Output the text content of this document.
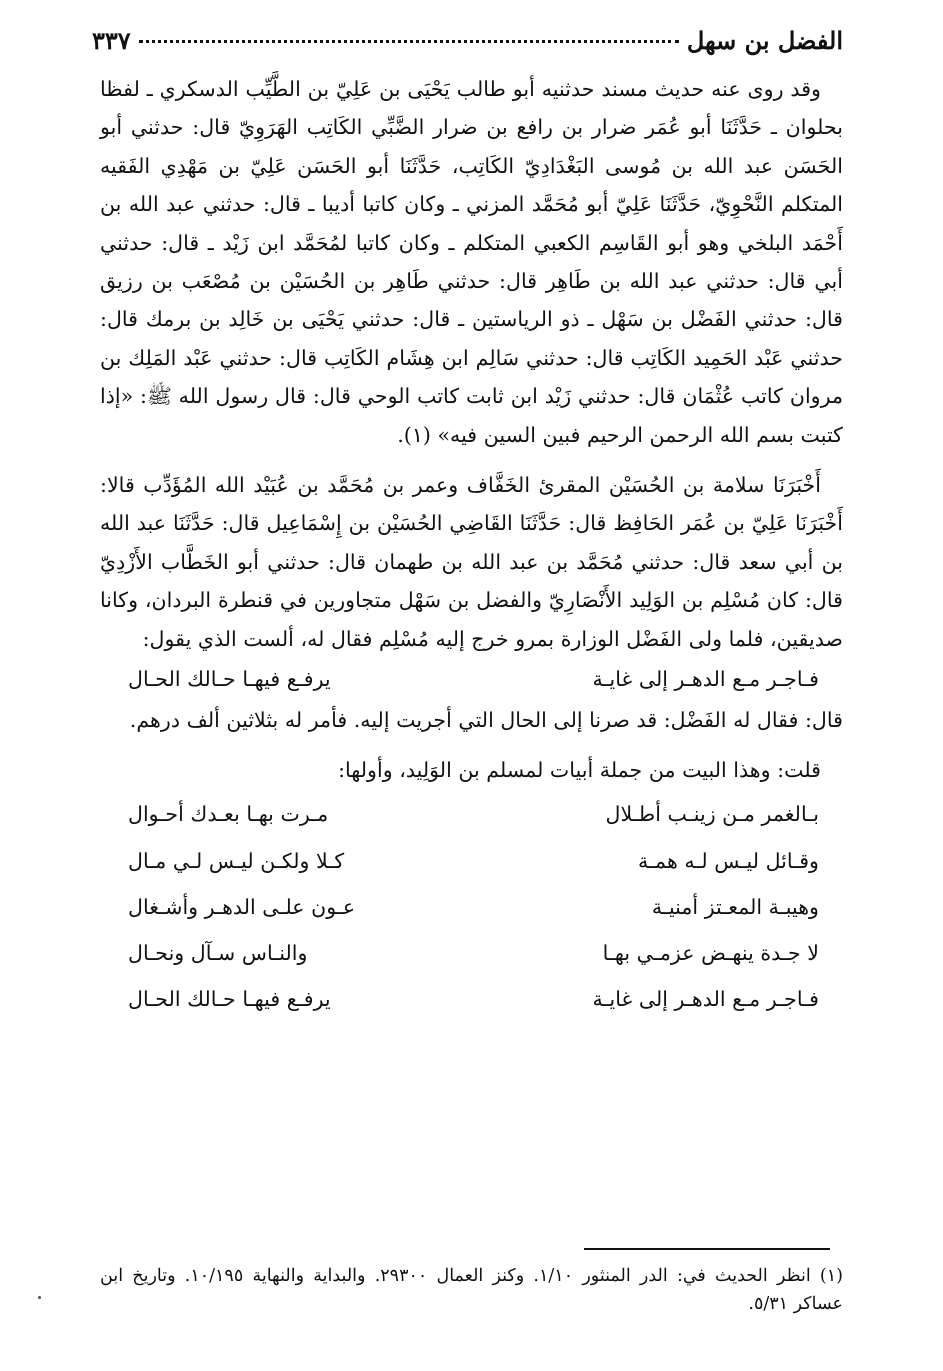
الفضل بن سهل
٣٣٧

وقد روى عنه حديث مسند حدثنيه أبو طالب يَحْيَى بن عَلِيّ بن الطَّيِّب الدسكري ـ لفظا بحلوان ـ حَدَّثَنَا أبو عُمَر ضرار بن رافع بن ضرار الضَّبِّي الكَاتِب الهَرَوِيّ قال: حدثني أبو الحَسَن عبد الله بن مُوسى البَغْدَادِيّ الكَاتِب، حَدَّثَنَا أبو الحَسَن عَلِيّ بن مَهْدِي الفَقيه المتكلم النَّحْوِيّ، حَدَّثَنَا عَلِيّ أبو مُحَمَّد المزني ـ وكان كاتبا أديبا ـ قال: حدثني عبد الله بن أَحْمَد البلخي وهو أبو القَاسِم الكعبي المتكلم ـ وكان كاتبا لمُحَمَّد ابن زَيْد ـ قال: حدثني أبي قال: حدثني عبد الله بن طَاهِر قال: حدثني طَاهِر بن الحُسَيْن بن مُصْعَب بن رزيق قال: حدثني الفَضْل بن سَهْل ـ ذو الرياستين ـ قال: حدثني يَحْيَى بن خَالِد بن برمك قال: حدثني عَبْد الحَمِيد الكَاتِب قال: حدثني سَالِم ابن هِشَام الكَاتِب قال: حدثني عَبْد المَلِك بن مروان كاتب عُثْمَان قال: حدثني زَيْد ابن ثابت كاتب الوحي قال: قال رسول الله ﷺ: «إذا كتبت بسم الله الرحمن الرحيم فبين السين فيه» (١).

أَخْبَرَنَا سلامة بن الحُسَيْن المقرئ الخَفَّاف وعمر بن مُحَمَّد بن عُبَيْد الله المُؤَدِّب قالا: أَخْبَرَنَا عَلِيّ بن عُمَر الحَافِظ قال: حَدَّثَنَا القَاضِي الحُسَيْن بن إِسْمَاعِيل قال: حَدَّثَنَا عبد الله بن أبي سعد قال: حدثني مُحَمَّد بن عبد الله بن طهمان قال: حدثني أبو الخَطَّاب الأَزْدِيّ قال: كان مُسْلِم بن الوَلِيد الأَنْصَارِيّ والفضل بن سَهْل متجاورين في قنطرة البردان، وكانا صديقين، فلما ولى الفَضْل الوزارة بمرو خرج إليه مُسْلِم فقال له، ألست الذي يقول:

فـاجـر مـع الدهـر إلى غايـة
يرفـع فيهـا حـالك الحـال

قال: فقال له الفَضْل: قد صرنا إلى الحال التي أجريت إليه. فأمر له بثلاثين ألف درهم.

قلت: وهذا البيت من جملة أبيات لمسلم بن الوَلِيد، وأولها:

بـالغمر مـن زينـب أطـلال
مـرت بهـا بعـدك أحـوال
وقـائل ليـس لـه همـة
كـلا ولكـن ليـس لـي مـال
وهيبـة المعـتز أمنيـة
عـون علـى الدهـر وأشـغال
لا جـدة ينهـض عزمـي بهـا
والنـاس سـآل ونحـال
فـاجـر مـع الدهـر إلى غايـة
يرفـع فيهـا حـالك الحـال
(١) انظر الحديث في: الدر المنثور ١/١٠. وكنز العمال ٢٩٣٠٠. والبداية والنهاية ١٠/١٩٥. وتاريخ ابن عساكر ٥/٣١.
